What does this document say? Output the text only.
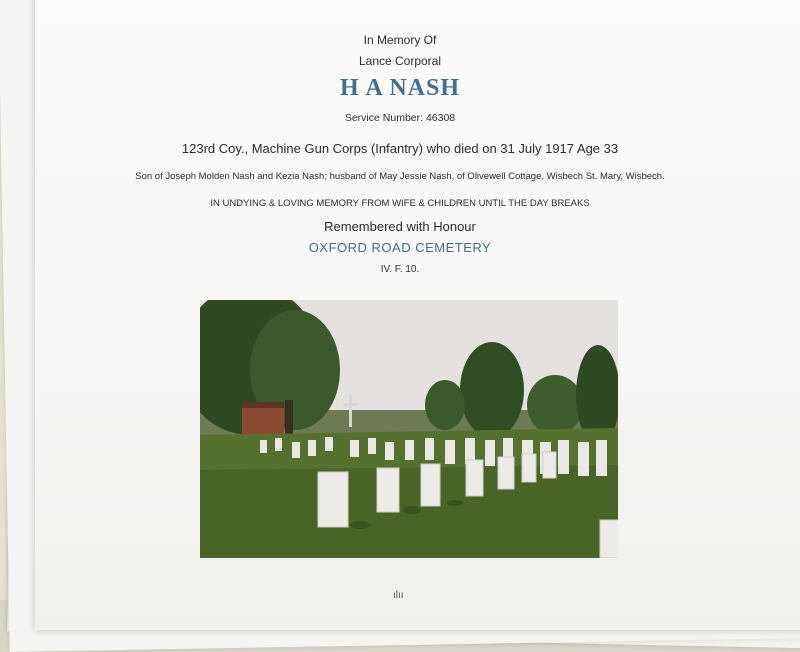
In Memory Of
Lance Corporal
H A NASH
Service Number: 46308
123rd Coy., Machine Gun Corps (Infantry) who died on 31 July 1917 Age 33
Son of Joseph Molden Nash and Kezia Nash; husband of May Jessie Nash, of Olivewell Cottage, Wisbech St. Mary, Wisbech.
IN UNDYING & LOVING MEMORY FROM WIFE & CHILDREN UNTIL THE DAY BREAKS
Remembered with Honour
OXFORD ROAD CEMETERY
IV. F. 10.
ılıı
